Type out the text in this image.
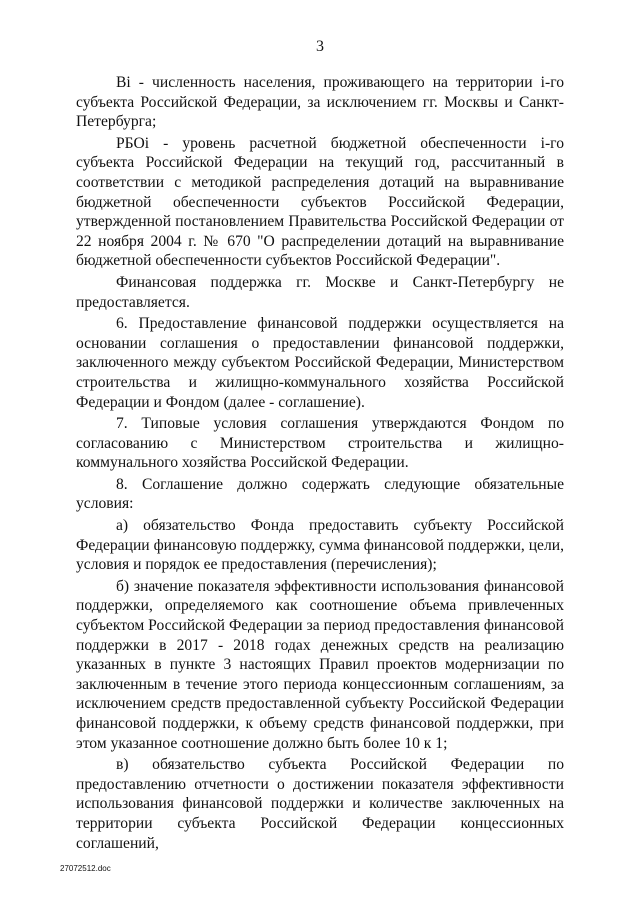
3

Bi - численность населения, проживающего на территории i-го субъекта Российской Федерации, за исключением гг. Москвы и Санкт-Петербурга;

РБОi - уровень расчетной бюджетной обеспеченности i-го субъекта Российской Федерации на текущий год, рассчитанный в соответствии с методикой распределения дотаций на выравнивание бюджетной обеспеченности субъектов Российской Федерации, утвержденной постановлением Правительства Российской Федерации от 22 ноября 2004 г. № 670 "О распределении дотаций на выравнивание бюджетной обеспеченности субъектов Российской Федерации".

Финансовая поддержка гг. Москве и Санкт-Петербургу не предоставляется.

6. Предоставление финансовой поддержки осуществляется на основании соглашения о предоставлении финансовой поддержки, заключенного между субъектом Российской Федерации, Министерством строительства и жилищно-коммунального хозяйства Российской Федерации и Фондом (далее - соглашение).

7. Типовые условия соглашения утверждаются Фондом по согласованию с Министерством строительства и жилищно-коммунального хозяйства Российской Федерации.

8. Соглашение должно содержать следующие обязательные условия:

а) обязательство Фонда предоставить субъекту Российской Федерации финансовую поддержку, сумма финансовой поддержки, цели, условия и порядок ее предоставления (перечисления);

б) значение показателя эффективности использования финансовой поддержки, определяемого как соотношение объема привлеченных субъектом Российской Федерации за период предоставления финансовой поддержки в 2017 - 2018 годах денежных средств на реализацию указанных в пункте 3 настоящих Правил проектов модернизации по заключенным в течение этого периода концессионным соглашениям, за исключением средств предоставленной субъекту Российской Федерации финансовой поддержки, к объему средств финансовой поддержки, при этом указанное соотношение должно быть более 10 к 1;

в) обязательство субъекта Российской Федерации по предоставлению отчетности о достижении показателя эффективности использования финансовой поддержки и количестве заключенных на территории субъекта Российской Федерации концессионных соглашений,

27072512.doc
